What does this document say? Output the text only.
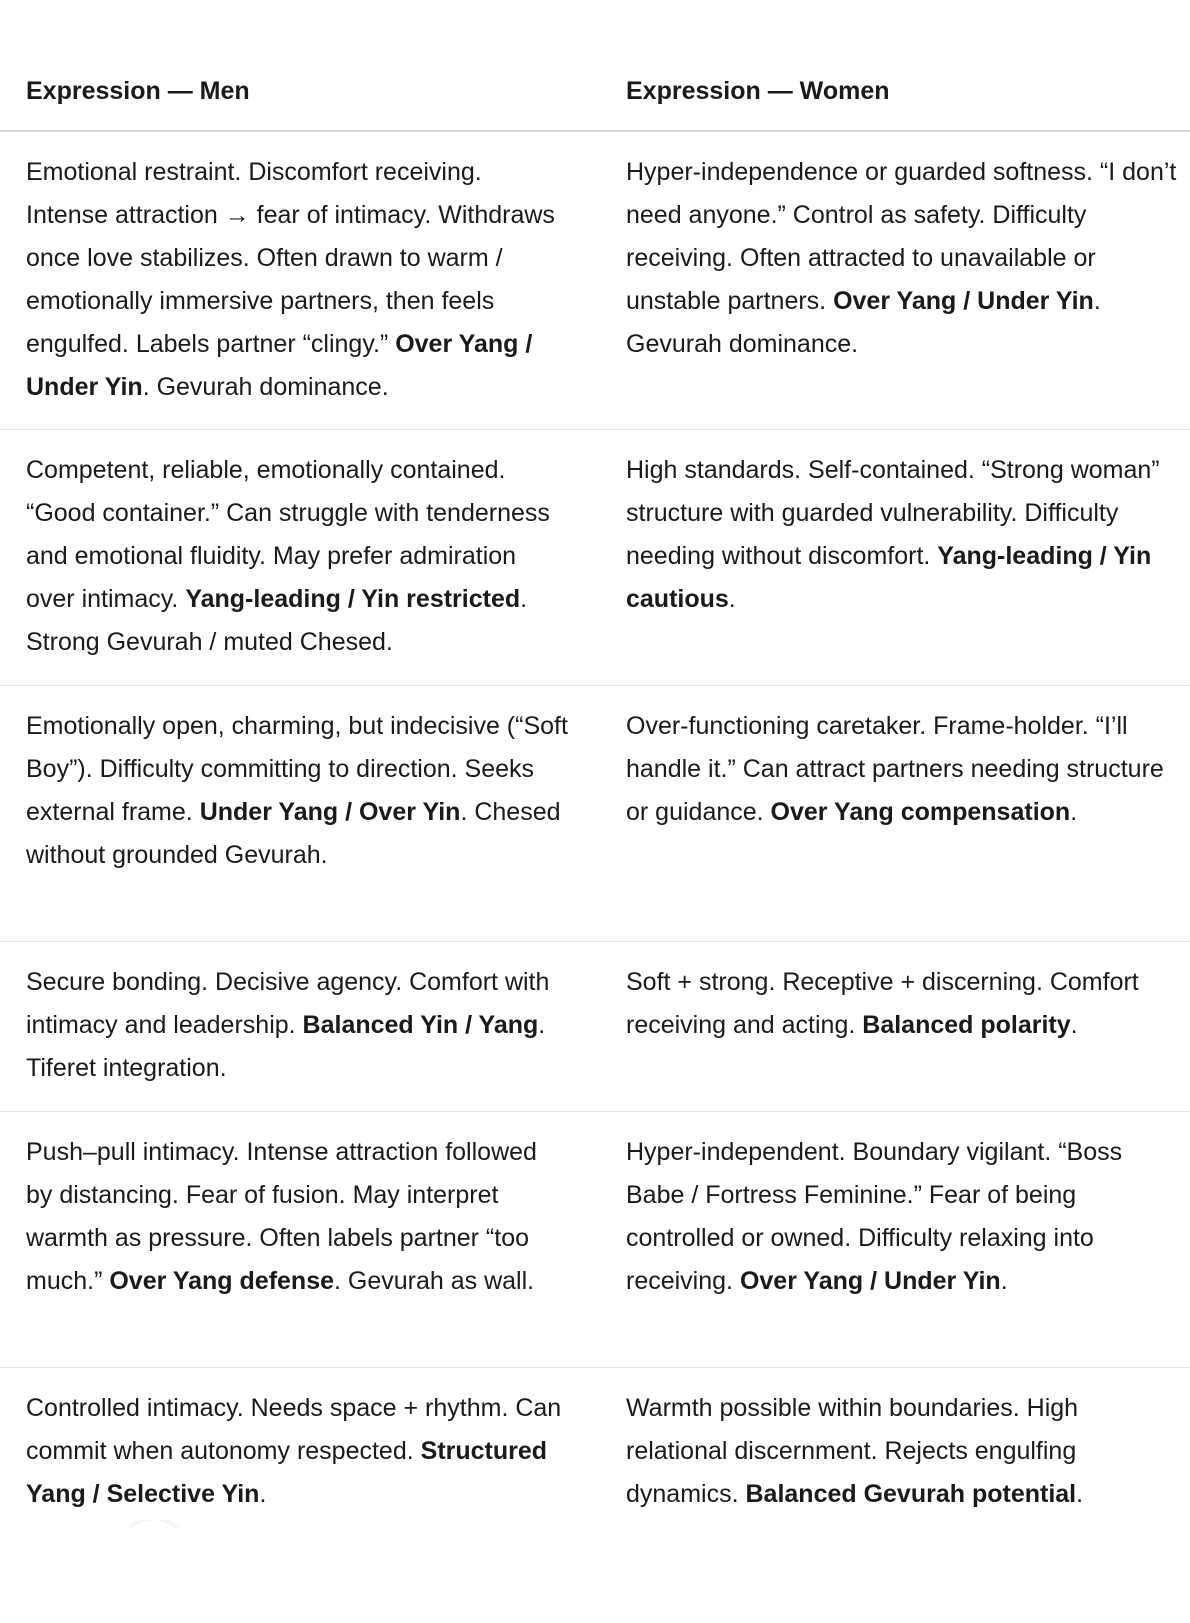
Expression — Men	Expression — Women
Emotional restraint. Discomfort receiving. Intense attraction → fear of intimacy. Withdraws once love stabilizes. Often drawn to warm / emotionally immersive partners, then feels engulfed. Labels partner “clingy.” Over Yang / Under Yin. Gevurah dominance.
Hyper-independence or guarded softness. “I don’t need anyone.” Control as safety. Difficulty receiving. Often attracted to unavailable or unstable partners. Over Yang / Under Yin. Gevurah dominance.
Competent, reliable, emotionally contained. “Good container.” Can struggle with tenderness and emotional fluidity. May prefer admiration over intimacy. Yang-leading / Yin restricted. Strong Gevurah / muted Chesed.
High standards. Self-contained. “Strong woman” structure with guarded vulnerability. Difficulty needing without discomfort. Yang-leading / Yin cautious.
Emotionally open, charming, but indecisive (“Soft Boy”). Difficulty committing to direction. Seeks external frame. Under Yang / Over Yin. Chesed without grounded Gevurah.
Over-functioning caretaker. Frame-holder. “I’ll handle it.” Can attract partners needing structure or guidance. Over Yang compensation.
Secure bonding. Decisive agency. Comfort with intimacy and leadership. Balanced Yin / Yang. Tiferet integration.
Soft + strong. Receptive + discerning. Comfort receiving and acting. Balanced polarity.
Push–pull intimacy. Intense attraction followed by distancing. Fear of fusion. May interpret warmth as pressure. Often labels partner “too much.” Over Yang defense. Gevurah as wall.
Hyper-independent. Boundary vigilant. “Boss Babe / Fortress Feminine.” Fear of being controlled or owned. Difficulty relaxing into receiving. Over Yang / Under Yin.
Controlled intimacy. Needs space + rhythm. Can commit when autonomy respected. Structured Yang / Selective Yin.
Warmth possible within boundaries. High relational discernment. Rejects engulfing dynamics. Balanced Gevurah potential.
